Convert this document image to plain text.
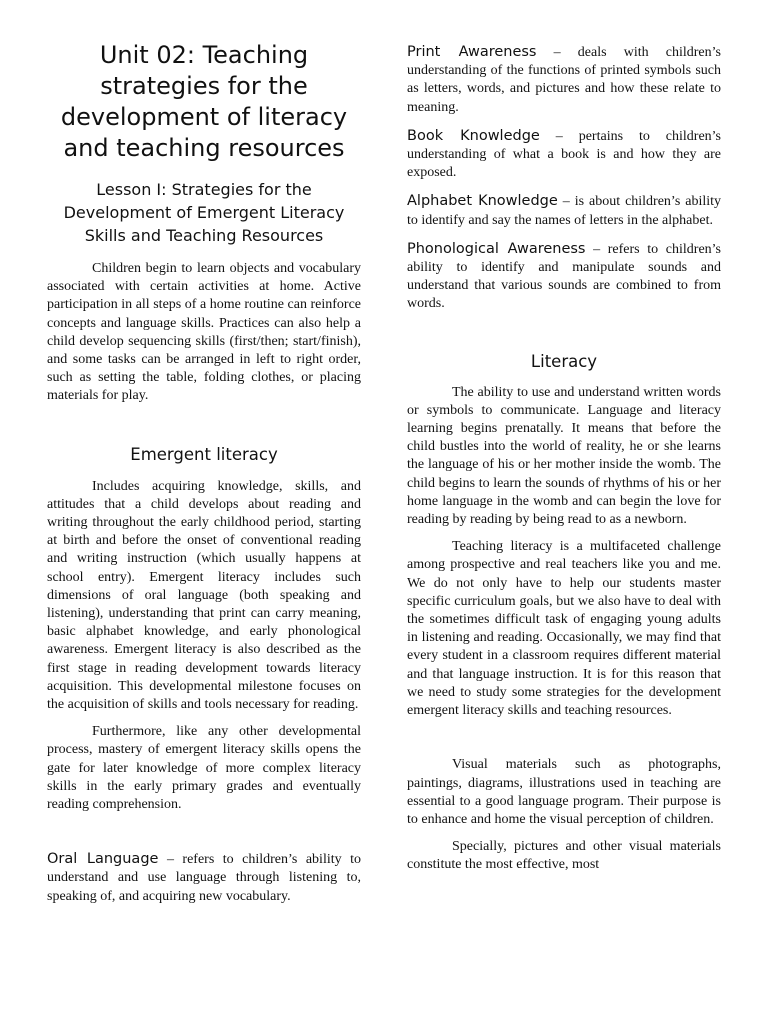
Unit 02: Teaching strategies for the development of literacy and teaching resources
Lesson I: Strategies for the Development of Emergent Literacy Skills and Teaching Resources

Children begin to learn objects and vocabulary associated with certain activities at home. Active participation in all steps of a home routine can reinforce concepts and language skills. Practices can also help a child develop sequencing skills (first/then; start/finish), and some tasks can be arranged in left to right order, such as setting the table, folding clothes, or placing materials for play.

Emergent literacy

Includes acquiring knowledge, skills, and attitudes that a child develops about reading and writing throughout the early childhood period, starting at birth and before the onset of conventional reading and writing instruction (which usually happens at school entry). Emergent literacy includes such dimensions of oral language (both speaking and listening), understanding that print can carry meaning, basic alphabet knowledge, and early phonological awareness. Emergent literacy is also described as the first stage in reading development towards literacy acquisition. This developmental milestone focuses on the acquisition of skills and tools necessary for reading.

Furthermore, like any other developmental process, mastery of emergent literacy skills opens the gate for later knowledge of more complex literacy skills in the early primary grades and eventually reading comprehension.

Oral Language – refers to children’s ability to understand and use language through listening to, speaking of, and acquiring new vocabulary.

Print Awareness – deals with children’s understanding of the functions of printed symbols such as letters, words, and pictures and how these relate to meaning.

Book Knowledge – pertains to children’s understanding of what a book is and how they are exposed.

Alphabet Knowledge – is about children’s ability to identify and say the names of letters in the alphabet.

Phonological Awareness – refers to children’s ability to identify and manipulate sounds and understand that various sounds are combined to from words.

Literacy

The ability to use and understand written words or symbols to communicate. Language and literacy learning begins prenatally. It means that before the child bustles into the world of reality, he or she learns the language of his or her mother inside the womb. The child begins to learn the sounds of rhythms of his or her home language in the womb and can begin the love for reading by reading by being read to as a newborn.

Teaching literacy is a multifaceted challenge among prospective and real teachers like you and me. We do not only have to help our students master specific curriculum goals, but we also have to deal with the sometimes difficult task of engaging young adults in listening and reading. Occasionally, we may find that every student in a classroom requires different material and that language instruction. It is for this reason that we need to study some strategies for the development emergent literacy skills and teaching resources.

Visual materials such as photographs, paintings, diagrams, illustrations used in teaching are essential to a good language program. Their purpose is to enhance and home the visual perception of children.

Specially, pictures and other visual materials constitute the most effective, most
